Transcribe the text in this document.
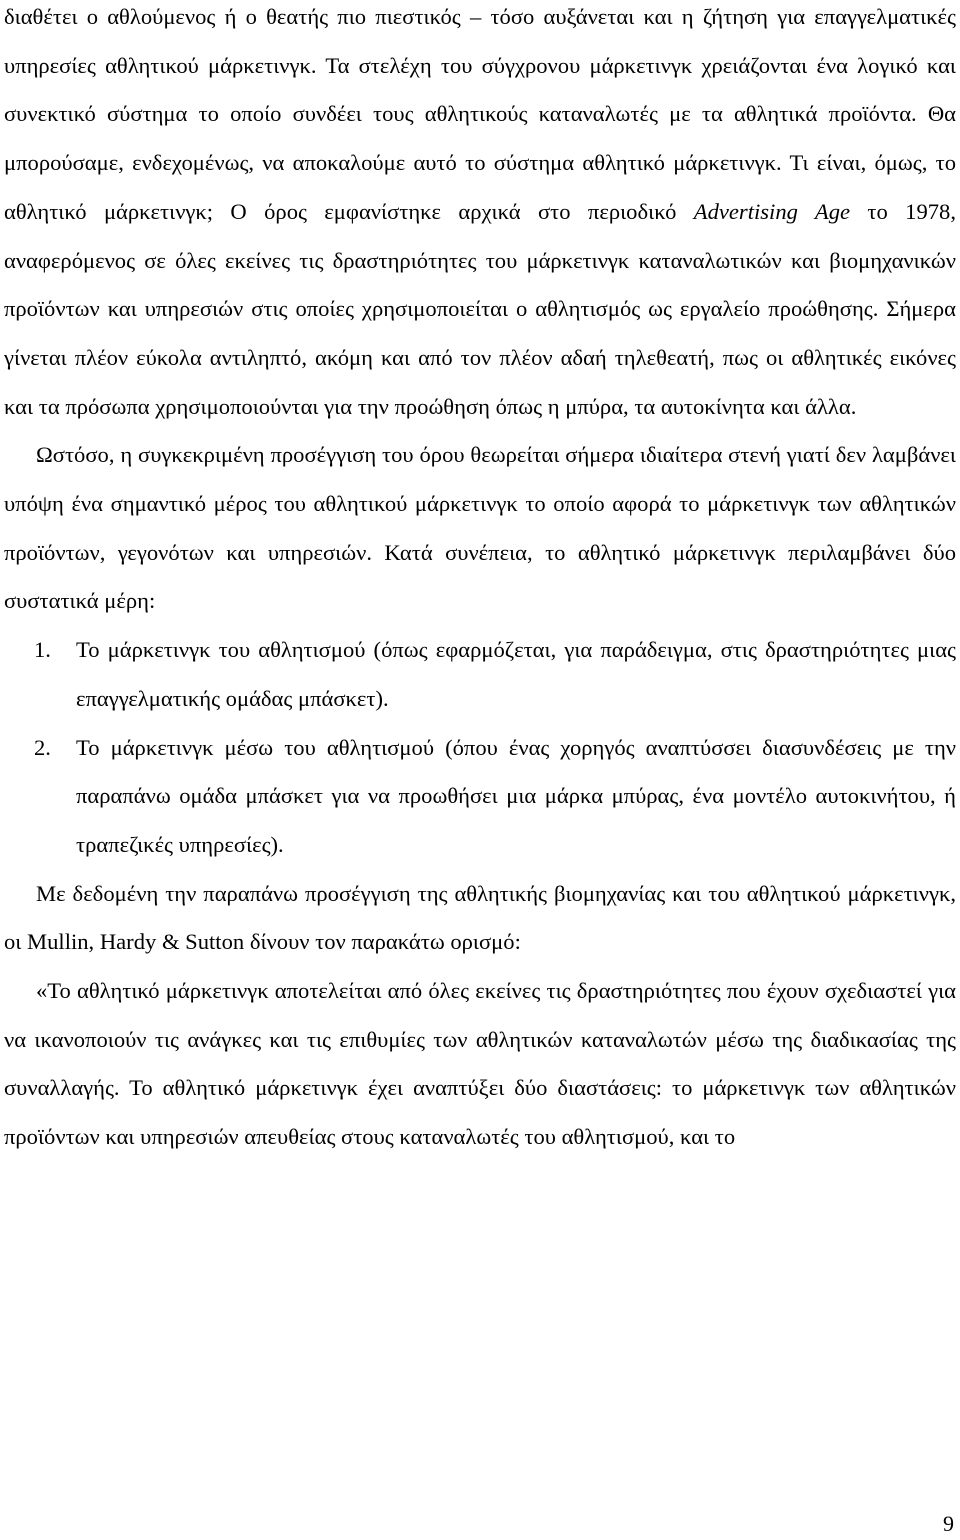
διαθέτει ο αθλούμενος ή ο θεατής πιο πιεστικός – τόσο αυξάνεται και η ζήτηση για επαγγελματικές υπηρεσίες αθλητικού μάρκετινγκ. Τα στελέχη του σύγχρονου μάρκετινγκ χρειάζονται ένα λογικό και συνεκτικό σύστημα το οποίο συνδέει τους αθλητικούς καταναλωτές με τα αθλητικά προϊόντα. Θα μπορούσαμε, ενδεχομένως, να αποκαλούμε αυτό το σύστημα αθλητικό μάρκετινγκ. Τι είναι, όμως, το αθλητικό μάρκετινγκ; Ο όρος εμφανίστηκε αρχικά στο περιοδικό Advertising Age το 1978, αναφερόμενος σε όλες εκείνες τις δραστηριότητες του μάρκετινγκ καταναλωτικών και βιομηχανικών προϊόντων και υπηρεσιών στις οποίες χρησιμοποιείται ο αθλητισμός ως εργαλείο προώθησης. Σήμερα γίνεται πλέον εύκολα αντιληπτό, ακόμη και από τον πλέον αδαή τηλεθεατή, πως οι αθλητικές εικόνες και τα πρόσωπα χρησιμοποιούνται για την προώθηση όπως η μπύρα, τα αυτοκίνητα και άλλα.

Ωστόσο, η συγκεκριμένη προσέγγιση του όρου θεωρείται σήμερα ιδιαίτερα στενή γιατί δεν λαμβάνει υπόψη ένα σημαντικό μέρος του αθλητικού μάρκετινγκ το οποίο αφορά το μάρκετινγκ των αθλητικών προϊόντων, γεγονότων και υπηρεσιών. Κατά συνέπεια, το αθλητικό μάρκετινγκ περιλαμβάνει δύο συστατικά μέρη:

1. Το μάρκετινγκ του αθλητισμού (όπως εφαρμόζεται, για παράδειγμα, στις δραστηριότητες μιας επαγγελματικής ομάδας μπάσκετ).
2. Το μάρκετινγκ μέσω του αθλητισμού (όπου ένας χορηγός αναπτύσσει διασυνδέσεις με την παραπάνω ομάδα μπάσκετ για να προωθήσει μια μάρκα μπύρας, ένα μοντέλο αυτοκινήτου, ή τραπεζικές υπηρεσίες).

Με δεδομένη την παραπάνω προσέγγιση της αθλητικής βιομηχανίας και του αθλητικού μάρκετινγκ, οι Mullin, Hardy & Sutton δίνουν τον παρακάτω ορισμό:

«Το αθλητικό μάρκετινγκ αποτελείται από όλες εκείνες τις δραστηριότητες που έχουν σχεδιαστεί για να ικανοποιούν τις ανάγκες και τις επιθυμίες των αθλητικών καταναλωτών μέσω της διαδικασίας της συναλλαγής. Το αθλητικό μάρκετινγκ έχει αναπτύξει δύο διαστάσεις: το μάρκετινγκ των αθλητικών προϊόντων και υπηρεσιών απευθείας στους καταναλωτές του αθλητισμού, και το

9
